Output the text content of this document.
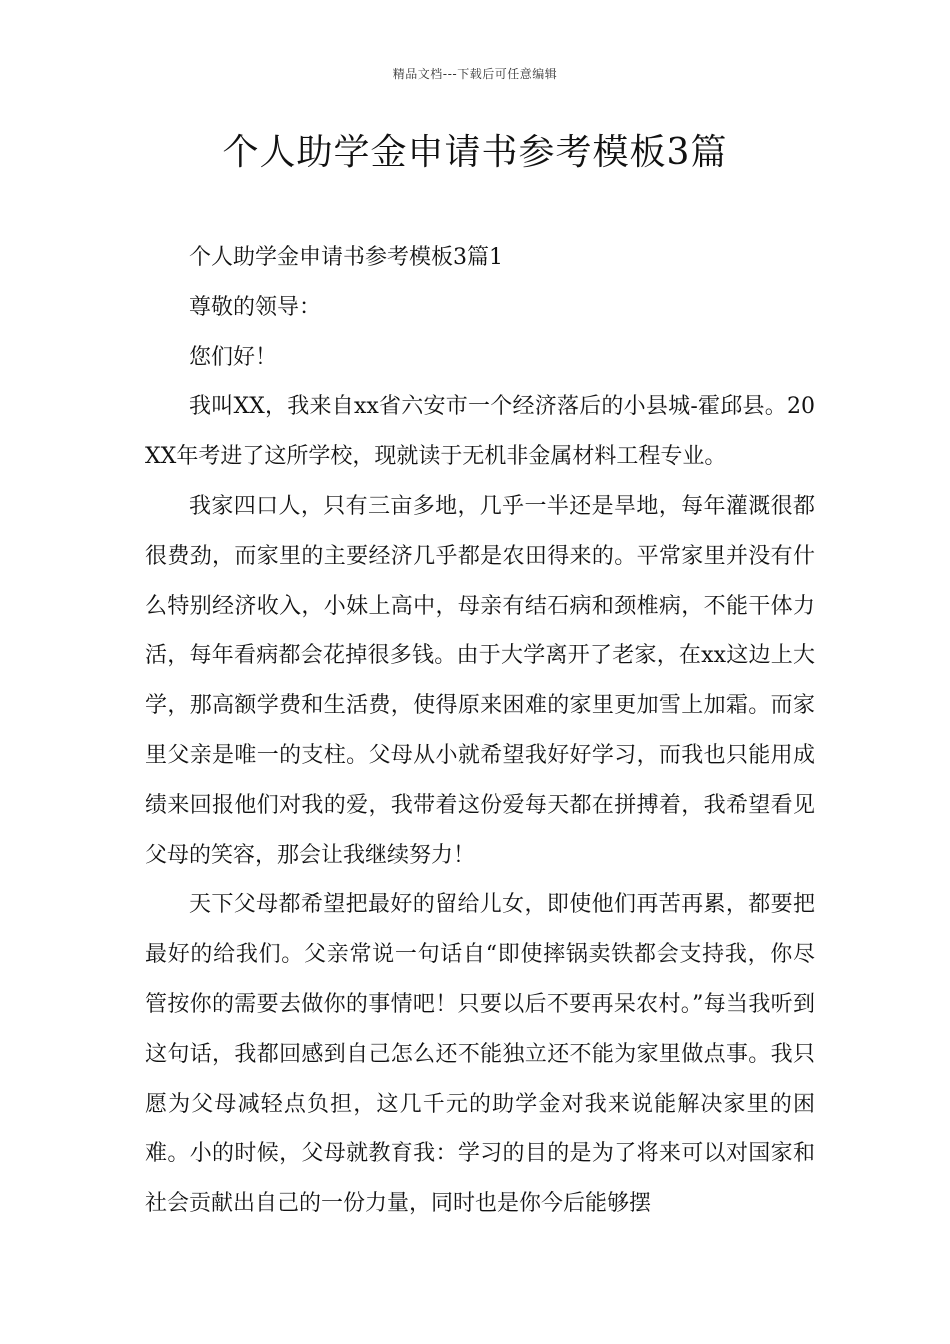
精品文档---下载后可任意编辑
个人助学金申请书参考模板3篇

个人助学金申请书参考模板3篇1

尊敬的领导：

您们好！

我叫XX，我来自xx省六安市一个经济落后的小县城-霍邱县。20XX年考进了这所学校，现就读于无机非金属材料工程专业。

我家四口人，只有三亩多地，几乎一半还是旱地，每年灌溉很都很费劲，而家里的主要经济几乎都是农田得来的。平常家里并没有什么特别经济收入，小妹上高中，母亲有结石病和颈椎病，不能干体力活，每年看病都会花掉很多钱。由于大学离开了老家，在xx这边上大学，那高额学费和生活费，使得原来困难的家里更加雪上加霜。而家里父亲是唯一的支柱。父母从小就希望我好好学习，而我也只能用成绩来回报他们对我的爱，我带着这份爱每天都在拼搏着，我希望看见父母的笑容，那会让我继续努力！

天下父母都希望把最好的留给儿女，即使他们再苦再累，都要把最好的给我们。父亲常说一句话自“即使摔锅卖铁都会支持我，你尽管按你的需要去做你的事情吧！只要以后不要再呆农村。”每当我听到这句话，我都回感到自己怎么还不能独立还不能为家里做点事。我只愿为父母减轻点负担，这几千元的助学金对我来说能解决家里的困难。小的时候，父母就教育我：学习的目的是为了将来可以对国家和社会贡献出自己的一份力量，同时也是你今后能够摆
